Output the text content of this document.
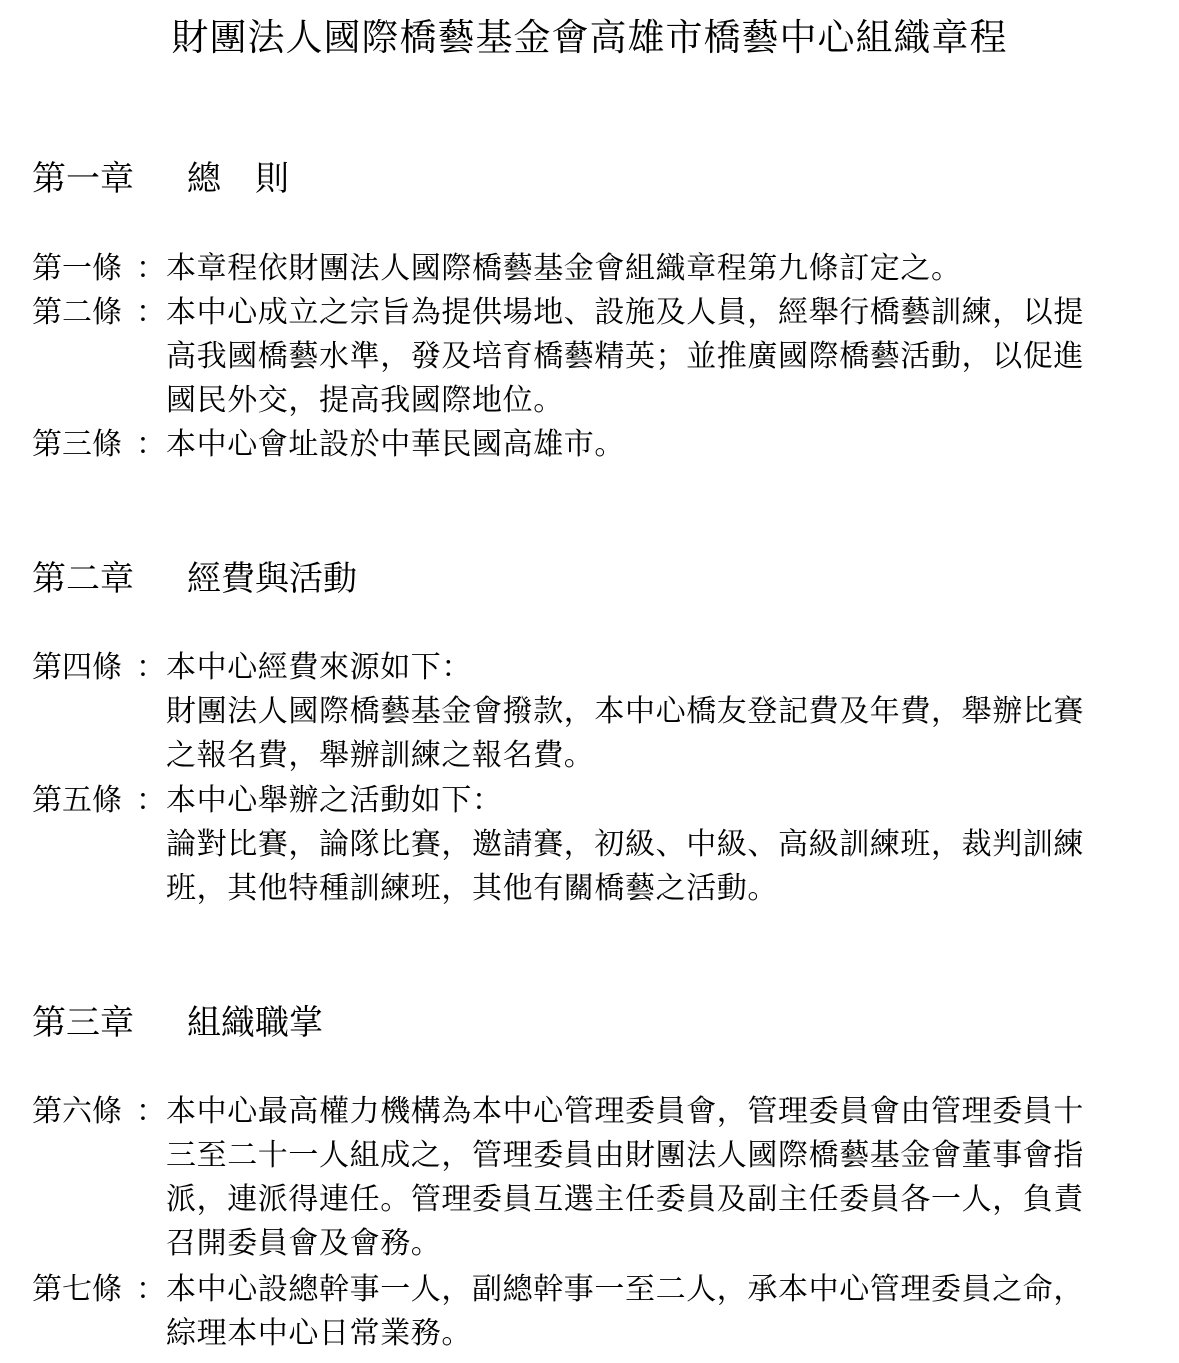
財團法人國際橋藝基金會高雄市橋藝中心組織章程
第一章 總　則
第一條 ： 本章程依財團法人國際橋藝基金會組織章程第九條訂定之。
第二條 ： 本中心成立之宗旨為提供場地、設施及人員，經舉行橋藝訓練，以提
高我國橋藝水準，發及培育橋藝精英；並推廣國際橋藝活動，以促進
國民外交，提高我國際地位。
第三條 ： 本中心會址設於中華民國高雄市。
第二章 經費與活動
第四條 ： 本中心經費來源如下：
財團法人國際橋藝基金會撥款，本中心橋友登記費及年費，舉辦比賽
之報名費，舉辦訓練之報名費。
第五條 ： 本中心舉辦之活動如下：
論對比賽，論隊比賽，邀請賽，初級、中級、高級訓練班，裁判訓練
班，其他特種訓練班，其他有關橋藝之活動。
第三章 組織職掌
第六條 ： 本中心最高權力機構為本中心管理委員會，管理委員會由管理委員十
三至二十一人組成之，管理委員由財團法人國際橋藝基金會董事會指
派，連派得連任。管理委員互選主任委員及副主任委員各一人，負責
召開委員會及會務。
第七條 ： 本中心設總幹事一人，副總幹事一至二人，承本中心管理委員之命，
綜理本中心日常業務。
